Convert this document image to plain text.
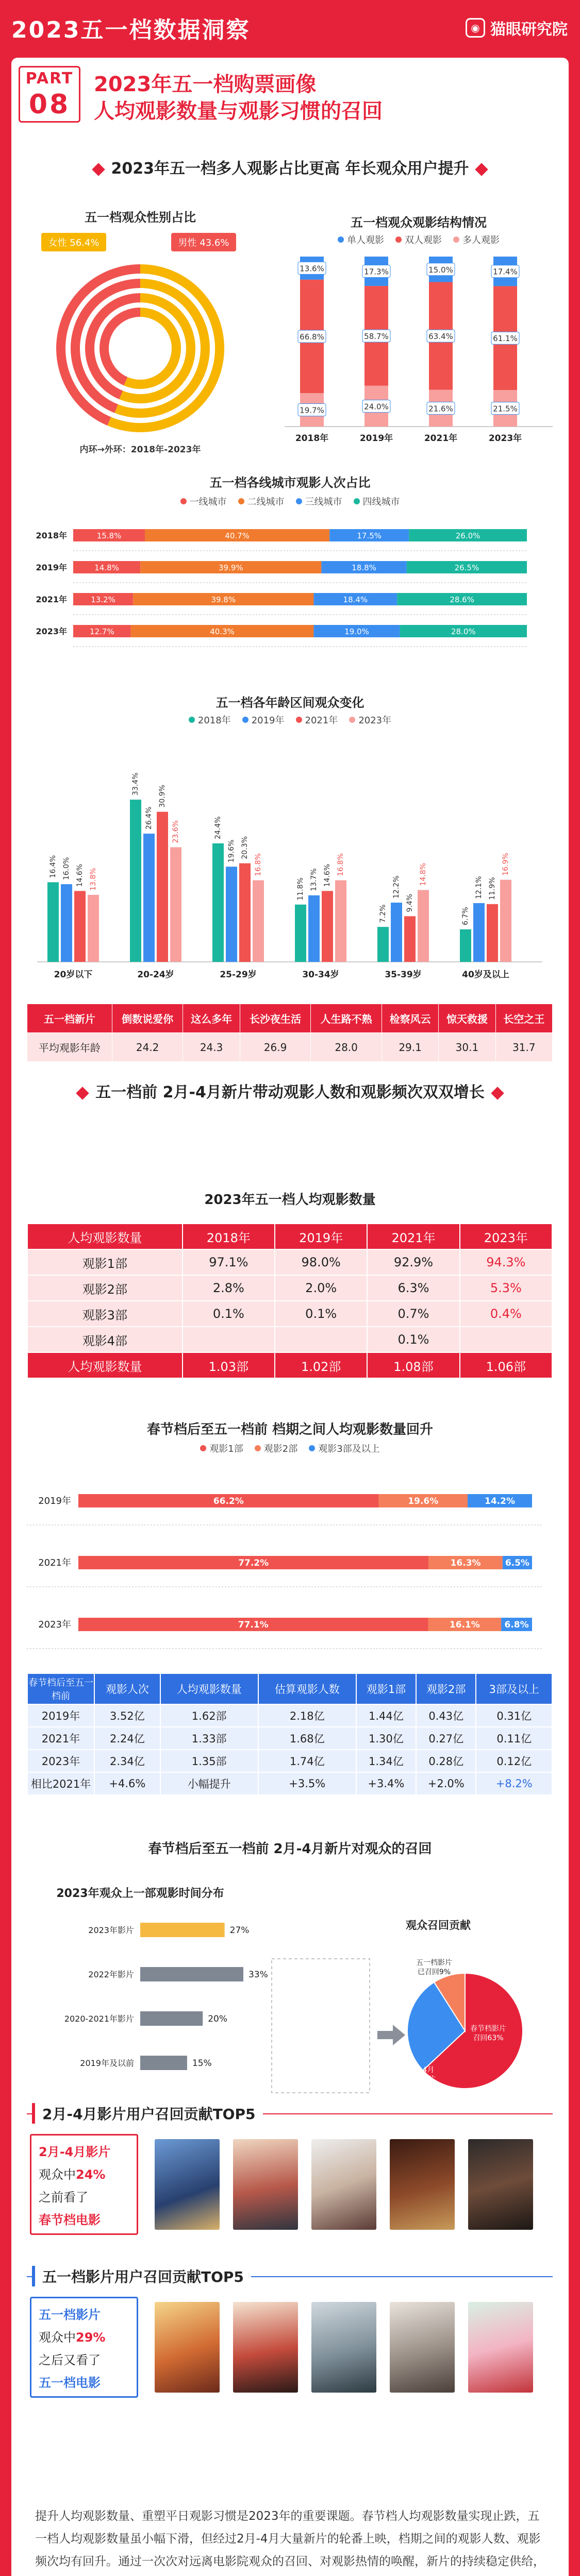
2023五一档数据洞察	◉ 猫眼研究院
PART
08
2023年五一档购票画像
人均观影数量与观影习惯的召回
2023年五一档多人观影占比更高 年长观众用户提升
五一档观众性别占比
女性 56.4%	男性 43.6%
内环→外环：2018年-2023年
五一档观众观影结构情况
单人观影 双人观影 多人观影
13.6%
66.8%
19.7%
2018年
17.3%
58.7%
24.0%
2019年
15.0%
63.4%
21.6%
2021年
17.4%
61.1%
21.5%
2023年
五一档各线城市观影人次占比
一线城市 二线城市 三线城市 四线城市
2018年	15.8%	40.7%	17.5%	26.0%
2019年	14.8%	39.9%	18.8%	26.5%
2021年	13.2%	39.8%	18.4%	28.6%
2023年	12.7%	40.3%	19.0%	28.0%
五一档各年龄区间观众变化
2018年 2019年 2021年 2023年
16.4% 16.0% 14.6% 13.8%
20岁以下
33.4%
26.4%
30.9%
23.6%
20-24岁
24.4%
19.6% 20.3%
16.8%
25-29岁
11.8% 13.7% 14.6% 16.8%
30-34岁
7.2%
12.2%
9.4%
14.8%
35-39岁
6.7%
12.1% 11.9%
16.9%
40岁及以上
五一档新片	倒数说爱你	这么多年	长沙夜生活	人生路不熟	检察风云	惊天救援	长空之王
平均观影年龄	24.2	24.3	26.9	28.0	29.1	30.1	31.7
五一档前 2月-4月新片带动观影人数和观影频次双双增长
2023年五一档人均观影数量
人均观影数量	2018年	2019年	2021年	2023年
观影1部	97.1%	98.0%	92.9%	94.3%
观影2部	2.8%	2.0%	6.3%	5.3%
观影3部	0.1%	0.1%	0.7%	0.4%
观影4部			0.1%	
人均观影数量	1.03部	1.02部	1.08部	1.06部
春节档后至五一档前 档期之间人均观影数量回升
观影1部 观影2部 观影3部及以上
2019年	66.2%	19.6%	14.2%
2021年	77.2%	16.3%	6.5%
2023年	77.1%	16.1%	6.8%
春节档后至五一档前	观影人次	人均观影数量	估算观影人数	观影1部	观影2部	3部及以上
2019年	3.52亿	1.62部	2.18亿	1.44亿	0.43亿	0.31亿
2021年	2.24亿	1.33部	1.68亿	1.30亿	0.27亿	0.11亿
2023年	2.34亿	1.35部	1.74亿	1.34亿	0.28亿	0.12亿
相比2021年	+4.6%	小幅提升	+3.5%	+3.4%	+2.0%	+8.2%
春节档后至五一档前 2月-4月新片对观众的召回
2023年观众上一部观影时间分布
观众召回贡献
2023年影片	27%
2022年影片	33%
2020-2021年影片	20%
2019年及以前	15%
春节档影片召回63%
2月-4月上映影片召回28%
五一档影片已召回9%
2月-4月影片用户召回贡献TOP5
2月-4月影片
观众中24%
之前看了
春节档电影
五一档影片用户召回贡献TOP5
五一档影片
观众中29%
之后又看了
五一档电影
提升人均观影数量、重塑平日观影习惯是2023年的重要课题。春节档人均观影数量实现止跌，五一档人均观影数量虽小幅下滑，但经过2月-4月大量新片的轮番上映，档期之间的观影人数、观影频次均有回升。通过一次次对远离电影院观众的召回、对观影热情的唤醒，新片的持续稳定供给，
